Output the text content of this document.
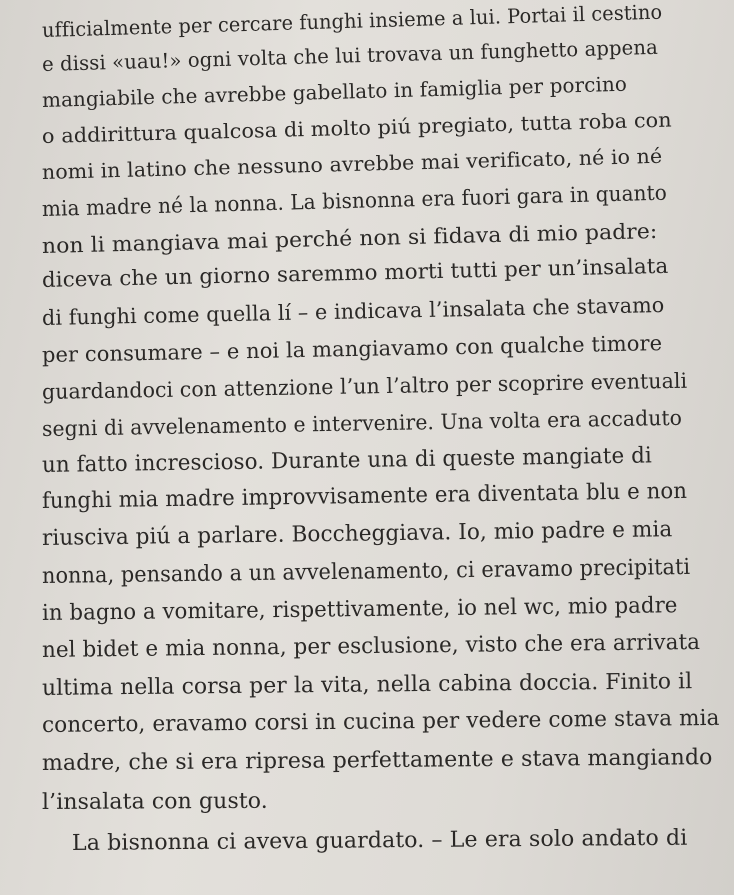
ufficialmente per cercare funghi insieme a lui. Portai il cestino
e dissi «uau!» ogni volta che lui trovava un funghetto appena
mangiabile che avrebbe gabellato in famiglia per porcino
o addirittura qualcosa di molto piú pregiato, tutta roba con
nomi in latino che nessuno avrebbe mai verificato, né io né
mia madre né la nonna. La bisnonna era fuori gara in quanto
non li mangiava mai perché non si fidava di mio padre:
diceva che un giorno saremmo morti tutti per un’insalata
di funghi come quella lí – e indicava l’insalata che stavamo
per consumare – e noi la mangiavamo con qualche timore
guardandoci con attenzione l’un l’altro per scoprire eventuali
segni di avvelenamento e intervenire. Una volta era accaduto
un fatto increscioso. Durante una di queste mangiate di
funghi mia madre improvvisamente era diventata blu e non
riusciva piú a parlare. Boccheggiava. Io, mio padre e mia
nonna, pensando a un avvelenamento, ci eravamo precipitati
in bagno a vomitare, rispettivamente, io nel wc, mio padre
nel bidet e mia nonna, per esclusione, visto che era arrivata
ultima nella corsa per la vita, nella cabina doccia. Finito il
concerto, eravamo corsi in cucina per vedere come stava mia
madre, che si era ripresa perfettamente e stava mangiando
l’insalata con gusto.
La bisnonna ci aveva guardato. – Le era solo andato di
